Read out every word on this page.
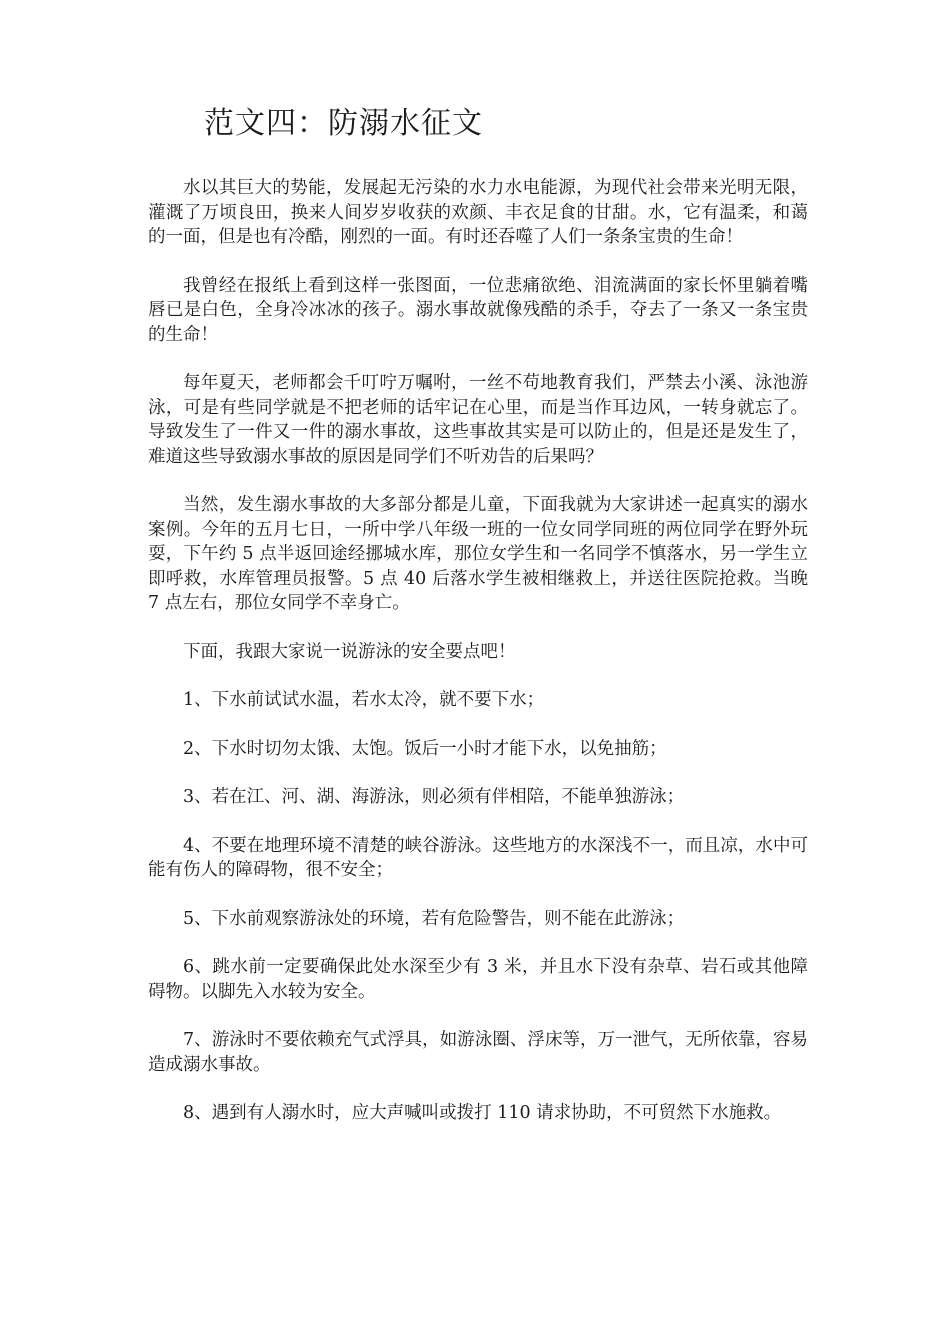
范文四：防溺水征文

水以其巨大的势能，发展起无污染的水力水电能源，为现代社会带来光明无限，灌溉了万顷良田，换来人间岁岁收获的欢颜、丰衣足食的甘甜。水，它有温柔，和蔼的一面，但是也有冷酷，刚烈的一面。有时还吞噬了人们一条条宝贵的生命！

我曾经在报纸上看到这样一张图面，一位悲痛欲绝、泪流满面的家长怀里躺着嘴唇已是白色，全身冷冰冰的孩子。溺水事故就像残酷的杀手，夺去了一条又一条宝贵的生命！

每年夏天，老师都会千叮咛万嘱咐，一丝不苟地教育我们，严禁去小溪、泳池游泳，可是有些同学就是不把老师的话牢记在心里，而是当作耳边风，一转身就忘了。导致发生了一件又一件的溺水事故，这些事故其实是可以防止的，但是还是发生了，难道这些导致溺水事故的原因是同学们不听劝告的后果吗？

当然，发生溺水事故的大多部分都是儿童，下面我就为大家讲述一起真实的溺水案例。今年的五月七日，一所中学八年级一班的一位女同学同班的两位同学在野外玩耍，下午约 5 点半返回途经挪城水库，那位女学生和一名同学不慎落水，另一学生立即呼救，水库管理员报警。5 点 40 后落水学生被相继救上，并送往医院抢救。当晚 7 点左右，那位女同学不幸身亡。

下面，我跟大家说一说游泳的安全要点吧！

1、下水前试试水温，若水太冷，就不要下水；

2、下水时切勿太饿、太饱。饭后一小时才能下水，以免抽筋；

3、若在江、河、湖、海游泳，则必须有伴相陪，不能单独游泳；

4、不要在地理环境不清楚的峡谷游泳。这些地方的水深浅不一，而且凉，水中可能有伤人的障碍物，很不安全；

5、下水前观察游泳处的环境，若有危险警告，则不能在此游泳；

6、跳水前一定要确保此处水深至少有 3 米，并且水下没有杂草、岩石或其他障碍物。以脚先入水较为安全。

7、游泳时不要依赖充气式浮具，如游泳圈、浮床等，万一泄气，无所依靠，容易造成溺水事故。

8、遇到有人溺水时，应大声喊叫或拨打 110 请求协助，不可贸然下水施救。
